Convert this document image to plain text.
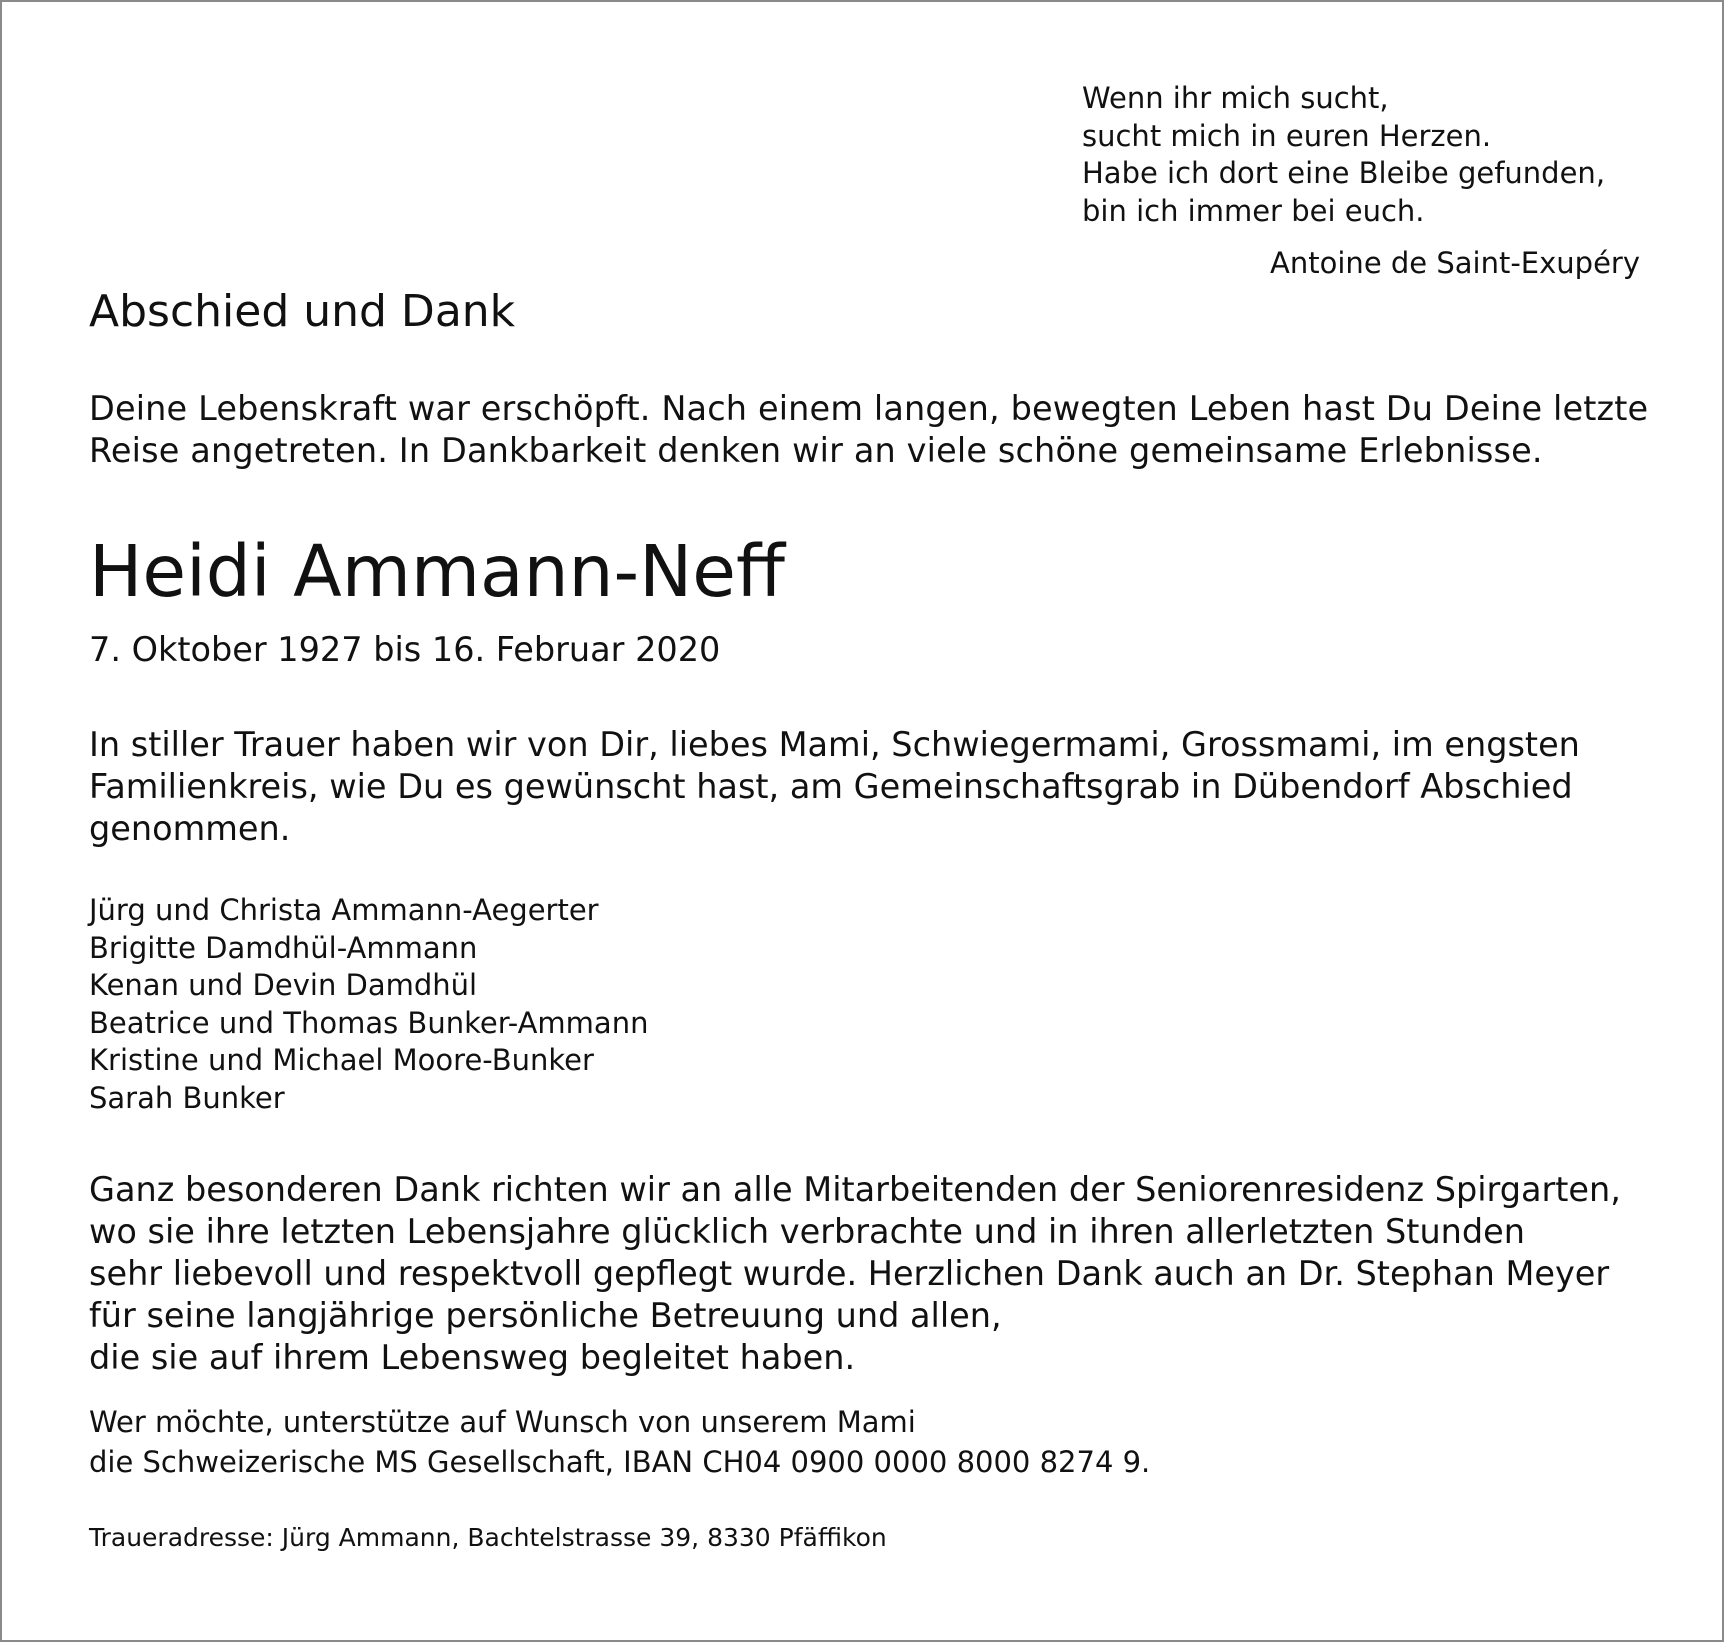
Wenn ihr mich sucht,
sucht mich in euren Herzen.
Habe ich dort eine Bleibe gefunden,
bin ich immer bei euch.
Antoine de Saint-Exupéry
Abschied und Dank
Deine Lebenskraft war erschöpft. Nach einem langen, bewegten Leben hast Du Deine letzte
Reise angetreten. In Dankbarkeit denken wir an viele schöne gemeinsame Erlebnisse.
Heidi Ammann-Neff
7. Oktober 1927 bis 16. Februar 2020
In stiller Trauer haben wir von Dir, liebes Mami, Schwiegermami, Grossmami, im engsten
Familienkreis, wie Du es gewünscht hast, am Gemeinschaftsgrab in Dübendorf Abschied
genommen.
Jürg und Christa Ammann-Aegerter
Brigitte Damdhül-Ammann
Kenan und Devin Damdhül
Beatrice und Thomas Bunker-Ammann
Kristine und Michael Moore-Bunker
Sarah Bunker
Ganz besonderen Dank richten wir an alle Mitarbeitenden der Seniorenresidenz Spirgarten,
wo sie ihre letzten Lebensjahre glücklich verbrachte und in ihren allerletzten Stunden
sehr liebevoll und respektvoll gepflegt wurde. Herzlichen Dank auch an Dr. Stephan Meyer
für seine langjährige persönliche Betreuung und allen,
die sie auf ihrem Lebensweg begleitet haben.
Wer möchte, unterstütze auf Wunsch von unserem Mami
die Schweizerische MS Gesellschaft, IBAN CH04 0900 0000 8000 8274 9.
Traueradresse: Jürg Ammann, Bachtelstrasse 39, 8330 Pfäffikon
